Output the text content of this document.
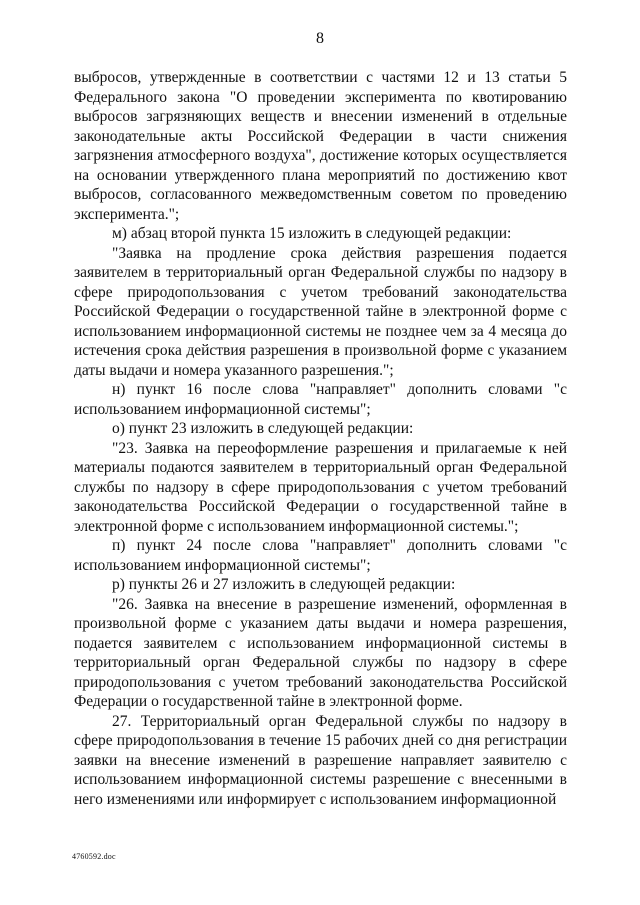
8

выбросов, утвержденные в соответствии с частями 12 и 13 статьи 5 Федерального закона "О проведении эксперимента по квотированию выбросов загрязняющих веществ и внесении изменений в отдельные законодательные акты Российской Федерации в части снижения загрязнения атмосферного воздуха", достижение которых осуществляется на основании утвержденного плана мероприятий по достижению квот выбросов, согласованного межведомственным советом по проведению эксперимента.";

м) абзац второй пункта 15 изложить в следующей редакции:

"Заявка на продление срока действия разрешения подается заявителем в территориальный орган Федеральной службы по надзору в сфере природопользования с учетом требований законодательства Российской Федерации о государственной тайне в электронной форме с использованием информационной системы не позднее чем за 4 месяца до истечения срока действия разрешения в произвольной форме с указанием даты выдачи и номера указанного разрешения.";

н) пункт 16 после слова "направляет" дополнить словами "с использованием информационной системы";

о) пункт 23 изложить в следующей редакции:

"23. Заявка на переоформление разрешения и прилагаемые к ней материалы подаются заявителем в территориальный орган Федеральной службы по надзору в сфере природопользования с учетом требований законодательства Российской Федерации о государственной тайне в электронной форме с использованием информационной системы.";

п) пункт 24 после слова "направляет" дополнить словами "с использованием информационной системы";

р) пункты 26 и 27 изложить в следующей редакции:

"26. Заявка на внесение в разрешение изменений, оформленная в произвольной форме с указанием даты выдачи и номера разрешения, подается заявителем с использованием информационной системы в территориальный орган Федеральной службы по надзору в сфере природопользования с учетом требований законодательства Российской Федерации о государственной тайне в электронной форме.

27. Территориальный орган Федеральной службы по надзору в сфере природопользования в течение 15 рабочих дней со дня регистрации заявки на внесение изменений в разрешение направляет заявителю с использованием информационной системы разрешение с внесенными в него изменениями или информирует с использованием информационной

4760592.doc
